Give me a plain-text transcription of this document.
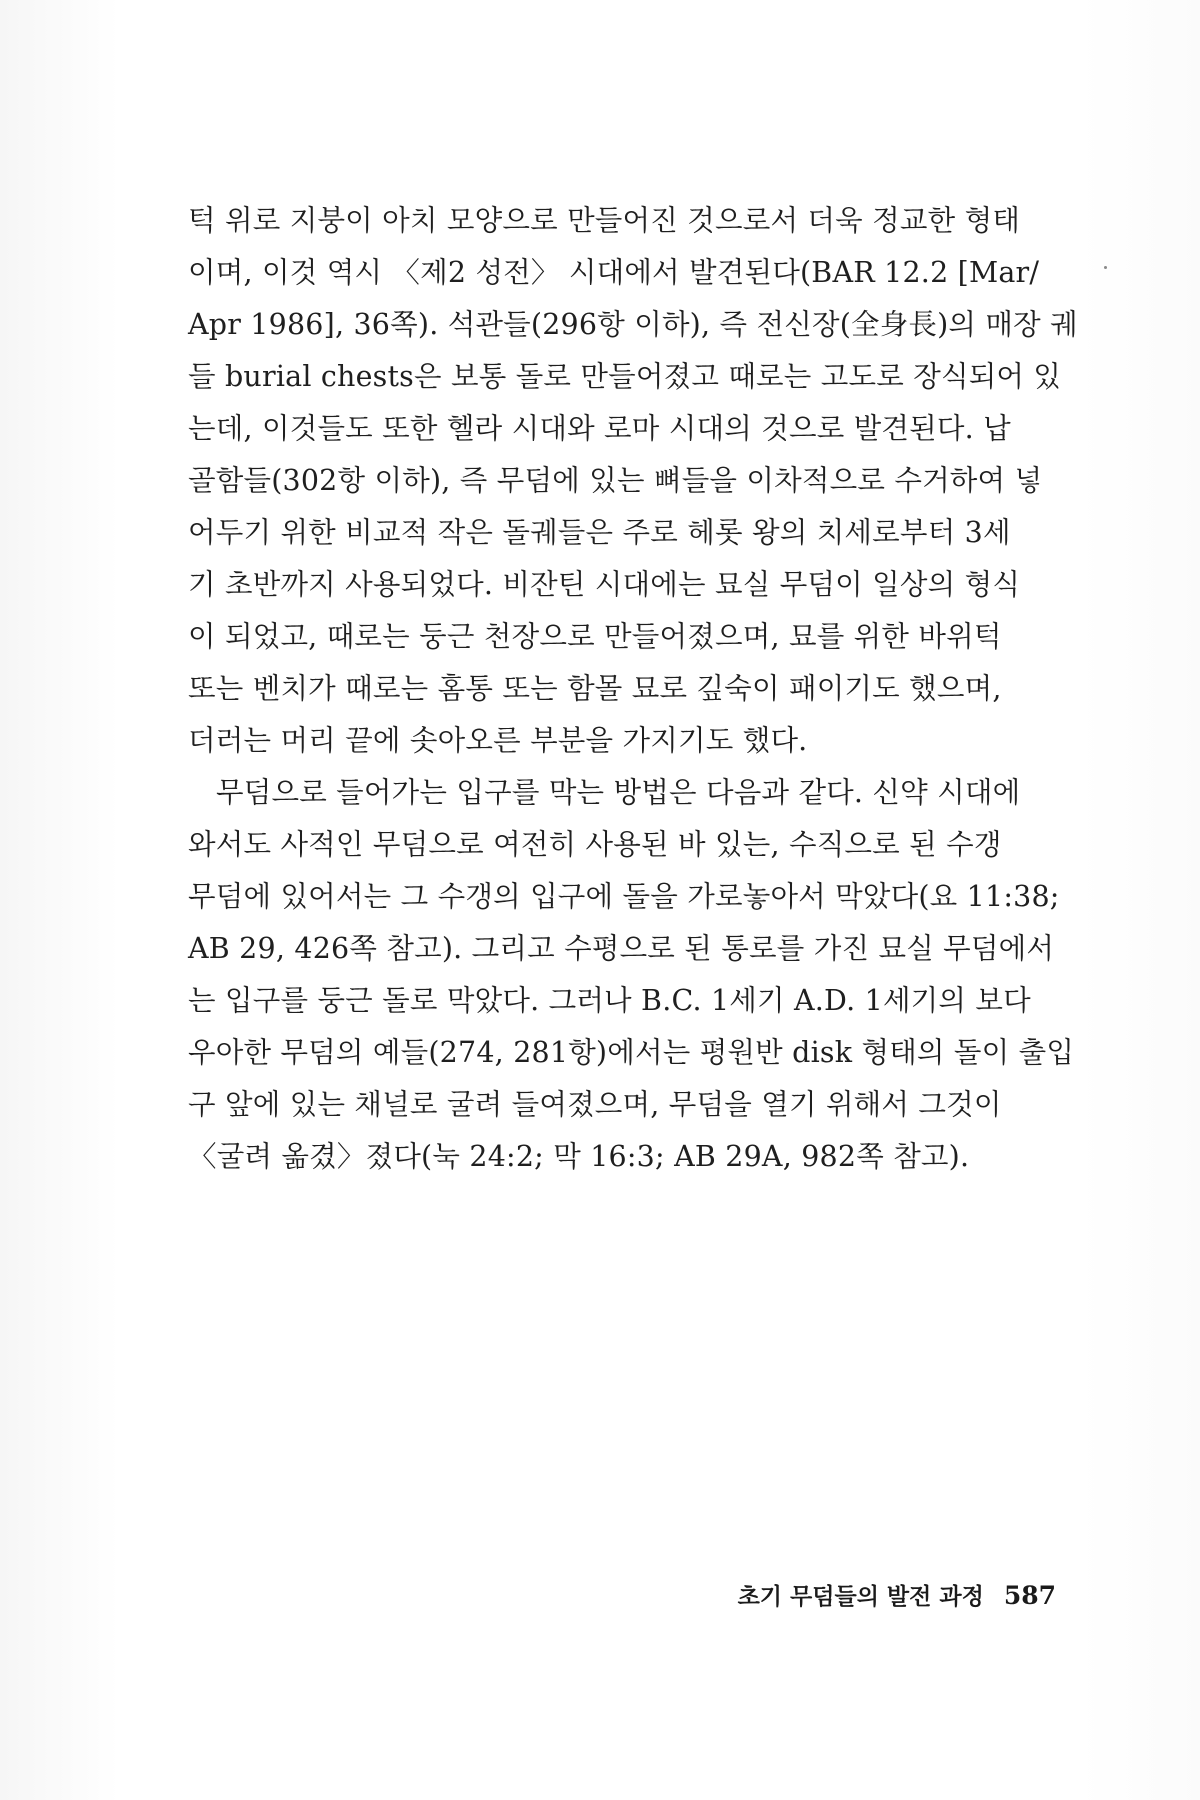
턱 위로 지붕이 아치 모양으로 만들어진 것으로서 더욱 정교한 형태
이며, 이것 역시 〈제2 성전〉 시대에서 발견된다(BAR 12.2 [Mar/
Apr 1986], 36쪽). 석관들(296항 이하), 즉 전신장(全身長)의 매장 궤
들 burial chests은 보통 돌로 만들어졌고 때로는 고도로 장식되어 있
는데, 이것들도 또한 헬라 시대와 로마 시대의 것으로 발견된다. 납
골함들(302항 이하), 즉 무덤에 있는 뼈들을 이차적으로 수거하여 넣
어두기 위한 비교적 작은 돌궤들은 주로 헤롯 왕의 치세로부터 3세
기 초반까지 사용되었다. 비잔틴 시대에는 묘실 무덤이 일상의 형식
이 되었고, 때로는 둥근 천장으로 만들어졌으며, 묘를 위한 바위턱
또는 벤치가 때로는 홈통 또는 함몰 묘로 깊숙이 패이기도 했으며,
더러는 머리 끝에 솟아오른 부분을 가지기도 했다.
무덤으로 들어가는 입구를 막는 방법은 다음과 같다. 신약 시대에
와서도 사적인 무덤으로 여전히 사용된 바 있는, 수직으로 된 수갱
무덤에 있어서는 그 수갱의 입구에 돌을 가로놓아서 막았다(요 11:38;
AB 29, 426쪽 참고). 그리고 수평으로 된 통로를 가진 묘실 무덤에서
는 입구를 둥근 돌로 막았다. 그러나 B.C. 1세기 A.D. 1세기의 보다
우아한 무덤의 예들(274, 281항)에서는 평원반 disk 형태의 돌이 출입
구 앞에 있는 채널로 굴려 들여졌으며, 무덤을 열기 위해서 그것이
〈굴려 옮겼〉졌다(눅 24:2; 막 16:3; AB 29A, 982쪽 참고).
초기 무덤들의 발전 과정 587
